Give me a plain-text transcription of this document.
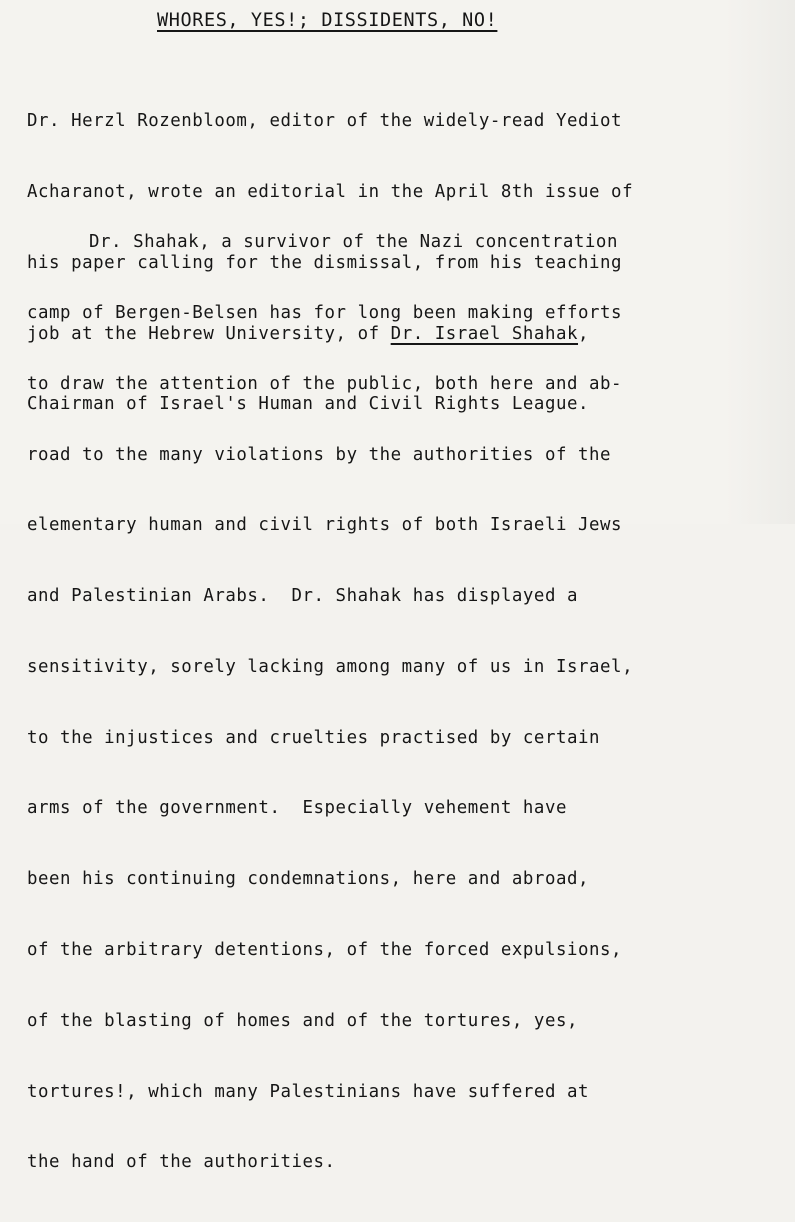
WHORES, YES!; DISSIDENTS, NO!

Dr. Herzl Rozenbloom, editor of the widely-read Yediot

Acharanot, wrote an editorial in the April 8th issue of

his paper calling for the dismissal, from his teaching

job at the Hebrew University, of Dr. Israel Shahak,

Chairman of Israel's Human and Civil Rights League.

Dr. Shahak, a survivor of the Nazi concentration

camp of Bergen-Belsen has for long been making efforts

to draw the attention of the public, both here and ab-

road to the many violations by the authorities of the

elementary human and civil rights of both Israeli Jews

and Palestinian Arabs.  Dr. Shahak has displayed a

sensitivity, sorely lacking among many of us in Israel,

to the injustices and cruelties practised by certain

arms of the government.  Especially vehement have

been his continuing condemnations, here and abroad,

of the arbitrary detentions, of the forced expulsions,

of the blasting of homes and of the tortures, yes,

tortures!, which many Palestinians have suffered at

the hand of the authorities.
